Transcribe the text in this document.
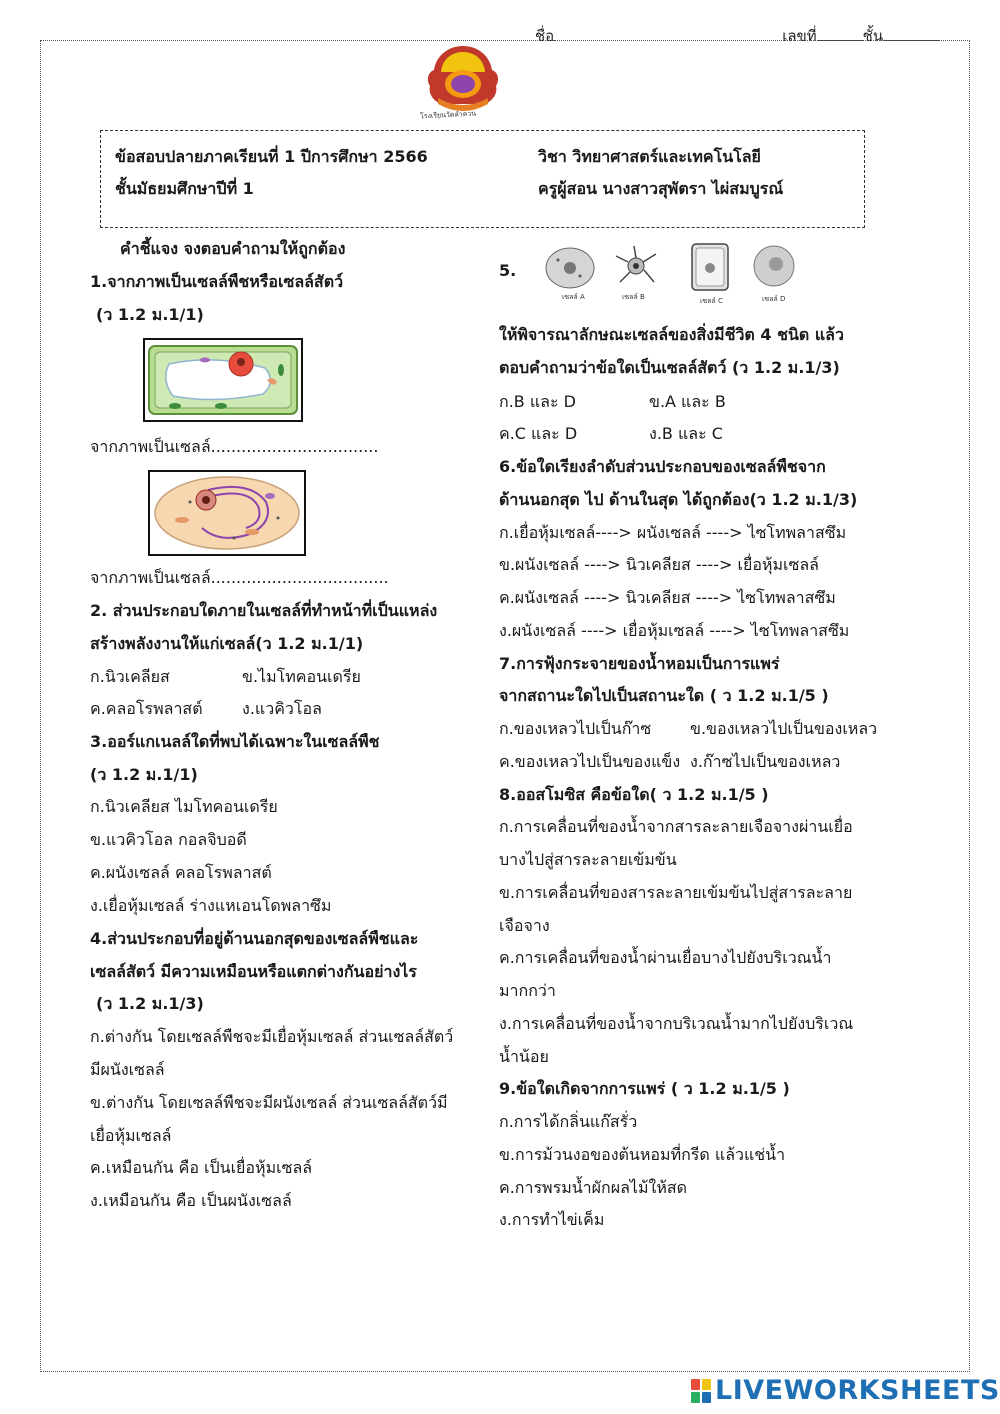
ชื่อ	เลขที่	ชั้น
โรงเรียนวัดลำควน
ข้อสอบปลายภาคเรียนที่ 1 ปีการศึกษา 2566
ชั้นมัธยมศึกษาปีที่ 1
วิชา วิทยาศาสตร์และเทคโนโลยี
ครูผู้สอน นางสาวสุพัตรา ไผ่สมบูรณ์
คำชี้แจง จงตอบคำถามให้ถูกต้อง
1.จากภาพเป็นเซลล์พืชหรือเซลล์สัตว์
(ว 1.2 ม.1/1)
จากภาพเป็นเซลล์.................................
จากภาพเป็นเซลล์...................................
2. ส่วนประกอบใดภายในเซลล์ที่ทำหน้าที่เป็นแหล่ง
สร้างพลังงานให้แก่เซลล์(ว 1.2 ม.1/1)
ก.นิวเคลียส	ข.ไมโทคอนเดรีย
ค.คลอโรพลาสต์ ง.แวคิวโอล
3.ออร์แกเนลล์ใดที่พบได้เฉพาะในเซลล์พืช
(ว 1.2 ม.1/1)
ก.นิวเคลียส ไมโทคอนเดรีย
ข.แวคิวโอล กอลจิบอดี
ค.ผนังเซลล์ คลอโรพลาสต์
ง.เยื่อหุ้มเซลล์ ร่างแหเอนโดพลาซึม
4.ส่วนประกอบที่อยู่ด้านนอกสุดของเซลล์พืชและ
เซลล์สัตว์ มีความเหมือนหรือแตกต่างกันอย่างไร
(ว 1.2 ม.1/3)
ก.ต่างกัน โดยเซลล์พืชจะมีเยื่อหุ้มเซลล์ ส่วนเซลล์สัตว์
มีผนังเซลล์
ข.ต่างกัน โดยเซลล์พืชจะมีผนังเซลล์ ส่วนเซลล์สัตว์มี
เยื่อหุ้มเซลล์
ค.เหมือนกัน คือ เป็นเยื่อหุ้มเซลล์
ง.เหมือนกัน คือ เป็นผนังเซลล์
5.
เซลล์ A	เซลล์ B	เซลล์ C	เซลล์ D
ให้พิจารณาลักษณะเซลล์ของสิ่งมีชีวิต 4 ชนิด แล้ว
ตอบคำถามว่าข้อใดเป็นเซลล์สัตว์ (ว 1.2 ม.1/3)
ก.B และ D	ข.A และ B
ค.C และ D	ง.B และ C
6.ข้อใดเรียงลำดับส่วนประกอบของเซลล์พืชจาก
ด้านนอกสุด ไป ด้านในสุด ได้ถูกต้อง(ว 1.2 ม.1/3)
ก.เยื่อหุ้มเซลล์----> ผนังเซลล์ ----> ไซโทพลาสซึม
ข.ผนังเซลล์ ----> นิวเคลียส ----> เยื่อหุ้มเซลล์
ค.ผนังเซลล์ ----> นิวเคลียส ----> ไซโทพลาสซึม
ง.ผนังเซลล์ ----> เยื่อหุ้มเซลล์ ----> ไซโทพลาสซึม
7.การฟุ้งกระจายของน้ำหอมเป็นการแพร่
จากสถานะใดไปเป็นสถานะใด ( ว 1.2 ม.1/5 )
ก.ของเหลวไปเป็นก๊าซ ข.ของเหลวไปเป็นของเหลว
ค.ของเหลวไปเป็นของแข็ง ง.ก๊าซไปเป็นของเหลว
8.ออสโมซิส คือข้อใด( ว 1.2 ม.1/5 )
ก.การเคลื่อนที่ของน้ำจากสารละลายเจือจางผ่านเยื่อ
บางไปสู่สารละลายเข้มข้น
ข.การเคลื่อนที่ของสารละลายเข้มข้นไปสู่สารละลาย
เจือจาง
ค.การเคลื่อนที่ของน้ำผ่านเยื่อบางไปยังบริเวณน้ำ
มากกว่า
ง.การเคลื่อนที่ของน้ำจากบริเวณน้ำมากไปยังบริเวณ
น้ำน้อย
9.ข้อใดเกิดจากการแพร่ ( ว 1.2 ม.1/5 )
ก.การได้กลิ่นแก๊สรั่ว
ข.การม้วนงอของต้นหอมที่กรีด แล้วแช่น้ำ
ค.การพรมน้ำผักผลไม้ให้สด
ง.การทำไข่เค็ม
LIVEWORKSHEETS
